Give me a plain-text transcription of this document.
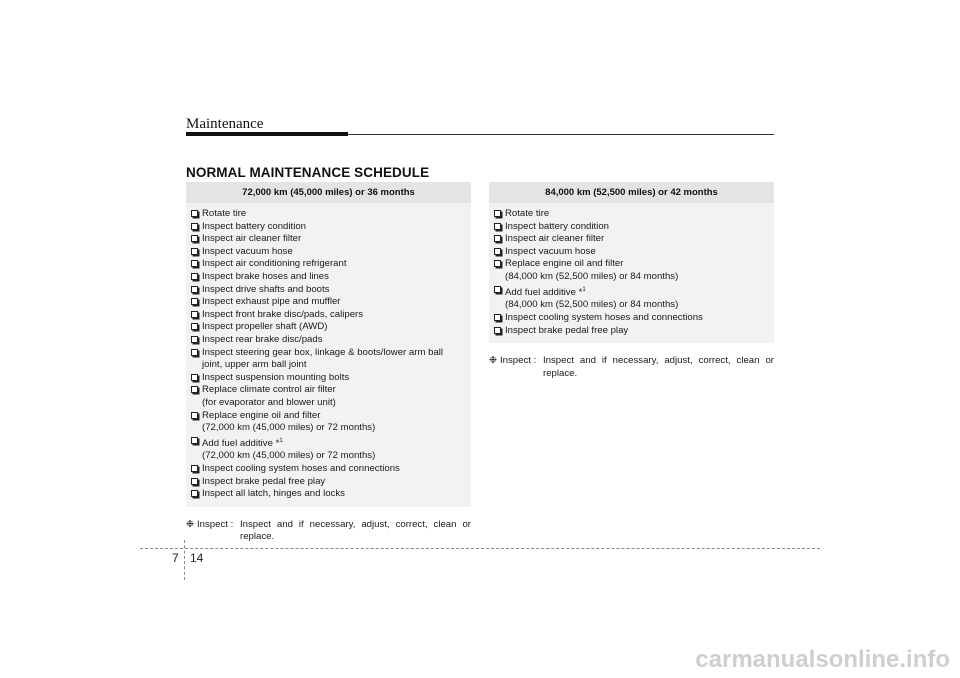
Maintenance
NORMAL MAINTENANCE SCHEDULE
72,000 km (45,000 miles) or 36 months
Rotate tire
Inspect battery condition
Inspect air cleaner filter
Inspect vacuum hose
Inspect air conditioning refrigerant
Inspect brake hoses and lines
Inspect drive shafts and boots
Inspect exhaust pipe and muffler
Inspect front brake disc/pads, calipers
Inspect propeller shaft (AWD)
Inspect rear brake disc/pads
Inspect steering gear box, linkage & boots/lower arm ball
joint, upper arm ball joint
Inspect suspension mounting bolts
Replace climate control air filter
(for evaporator and blower unit)
Replace engine oil and filter
(72,000 km (45,000 miles) or 72 months)
Add fuel additive *$^1$
(72,000 km (45,000 miles) or 72 months)
Inspect cooling system hoses and connections
Inspect brake pedal free play
Inspect all latch, hinges and locks
❉ Inspect : Inspect and if necessary, adjust, correct, clean or replace.
84,000 km (52,500 miles) or 42 months
Rotate tire
Inspect battery condition
Inspect air cleaner filter
Inspect vacuum hose
Replace engine oil and filter
(84,000 km (52,500 miles) or 84 months)
Add fuel additive *$^1$
(84,000 km (52,500 miles) or 84 months)
Inspect cooling system hoses and connections
Inspect brake pedal free play
❉ Inspect : Inspect and if necessary, adjust, correct, clean or replace.
7 14
carmanualsonline.info
